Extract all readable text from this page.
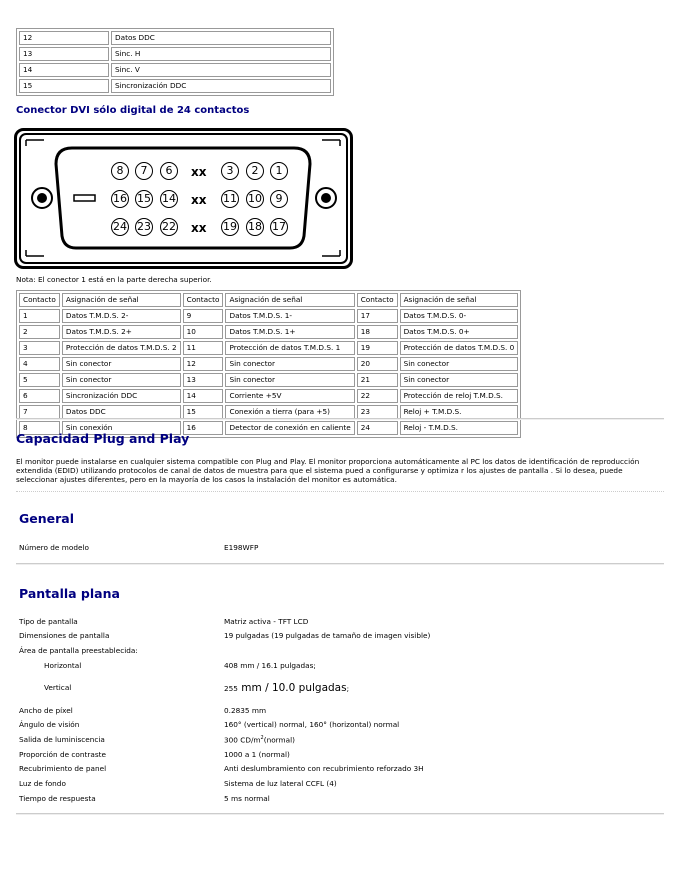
12	Datos DDC
13	Sinc. H
14	Sinc. V
15	Sincronización DDC
Conector DVI sólo digital de 24 contactos
8	7	6	xx	3	2	1
16 15 14 xx 11 10	9
24 23 22 xx 19 18 17
Nota: El conector 1 está en la parte derecha superior.
Contacto	Asignación de señal	Contacto	Asignación de señal	Contacto	Asignación de señal
1	Datos T.M.D.S. 2-	9	Datos T.M.D.S. 1-	17	Datos T.M.D.S. 0-
2	Datos T.M.D.S. 2+	10	Datos T.M.D.S. 1+	18	Datos T.M.D.S. 0+
3	Protección de datos T.M.D.S. 2	11	Protección de datos T.M.D.S. 1	19	Protección de datos T.M.D.S. 0
4	Sin conector	12	Sin conector	20	Sin conector
5	Sin conector	13	Sin conector	21	Sin conector
6	Sincronización DDC	14	Corriente +5V	22	Protección de reloj T.M.D.S.
7	Datos DDC	15	Conexión a tierra (para +5)	23	Reloj + T.M.D.S.
8	Sin conexión	16	Detector de conexión en caliente	24	Reloj - T.M.D.S.
Capacidad Plug and Play
El monitor puede instalarse en cualquier sistema compatible con Plug and Play. El monitor proporciona automáticamente al PC los datos de identificación de reproducción
extendida (EDID) utilizando protocolos de canal de datos de muestra para que el sistema pued a configurarse y optimiza r los ajustes de pantalla . Si lo desea, puede
seleccionar ajustes diferentes, pero en la mayoría de los casos la instalación del monitor es automática.
General
Número de modelo	E198WFP
Pantalla plana
Tipo de pantalla	Matriz activa - TFT LCD
Dimensiones de pantalla	19 pulgadas (19 pulgadas de tamaño de imagen visible)
Área de pantalla preestablecida:
Horizontal	408 mm / 16.1 pulgadas;
Vertical	255 mm / 10.0 pulgadas;
Ancho de píxel	0.2835 mm
Ángulo de visión	160° (vertical) normal, 160° (horizontal) normal
Salida de luminiscencia	300 $CD/m^2(normal)$
Proporción de contraste	1000 a 1 (normal)
Recubrimiento de panel	Anti deslumbramiento con recubrimiento reforzado 3H
Luz de fondo	Sistema de luz lateral CCFL (4)
Tiempo de respuesta	5 ms normal
